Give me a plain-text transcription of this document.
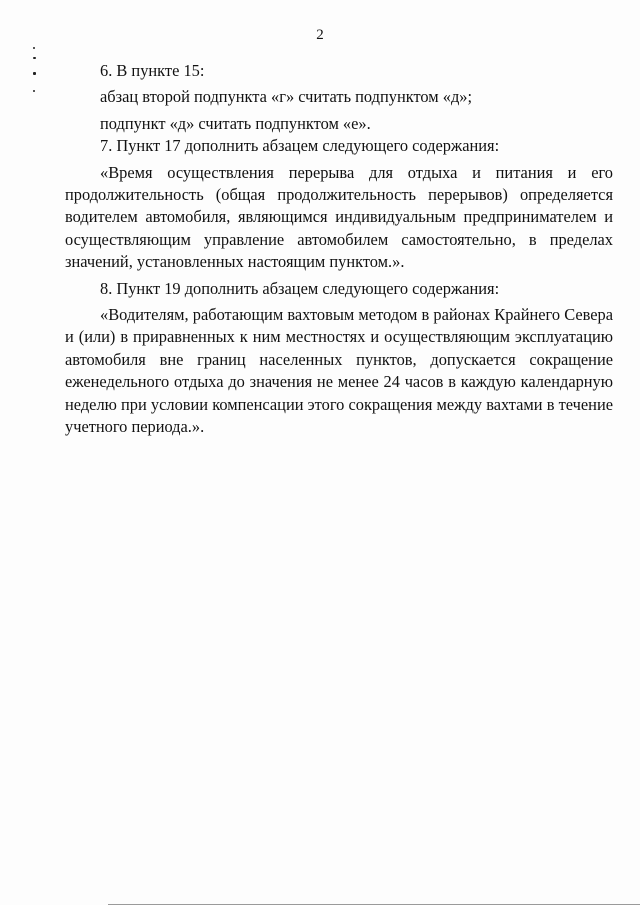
2

6. В пункте 15:

абзац второй подпункта «г» считать подпунктом «д»;

подпункт «д» считать подпунктом «е».

7. Пункт 17 дополнить абзацем следующего содержания:

«Время осуществления перерыва для отдыха и питания и его продолжительность (общая продолжительность перерывов) определяется водителем автомобиля, являющимся индивидуальным предпринимателем и осуществляющим управление автомобилем самостоятельно, в пределах значений, установленных настоящим пунктом.».

8. Пункт 19 дополнить абзацем следующего содержания:

«Водителям, работающим вахтовым методом в районах Крайнего Севера и (или) в приравненных к ним местностях и осуществляющим эксплуатацию автомобиля вне границ населенных пунктов, допускается сокращение еженедельного отдыха до значения не менее 24 часов в каждую календарную неделю при условии компенсации этого сокращения между вахтами в течение учетного периода.».
